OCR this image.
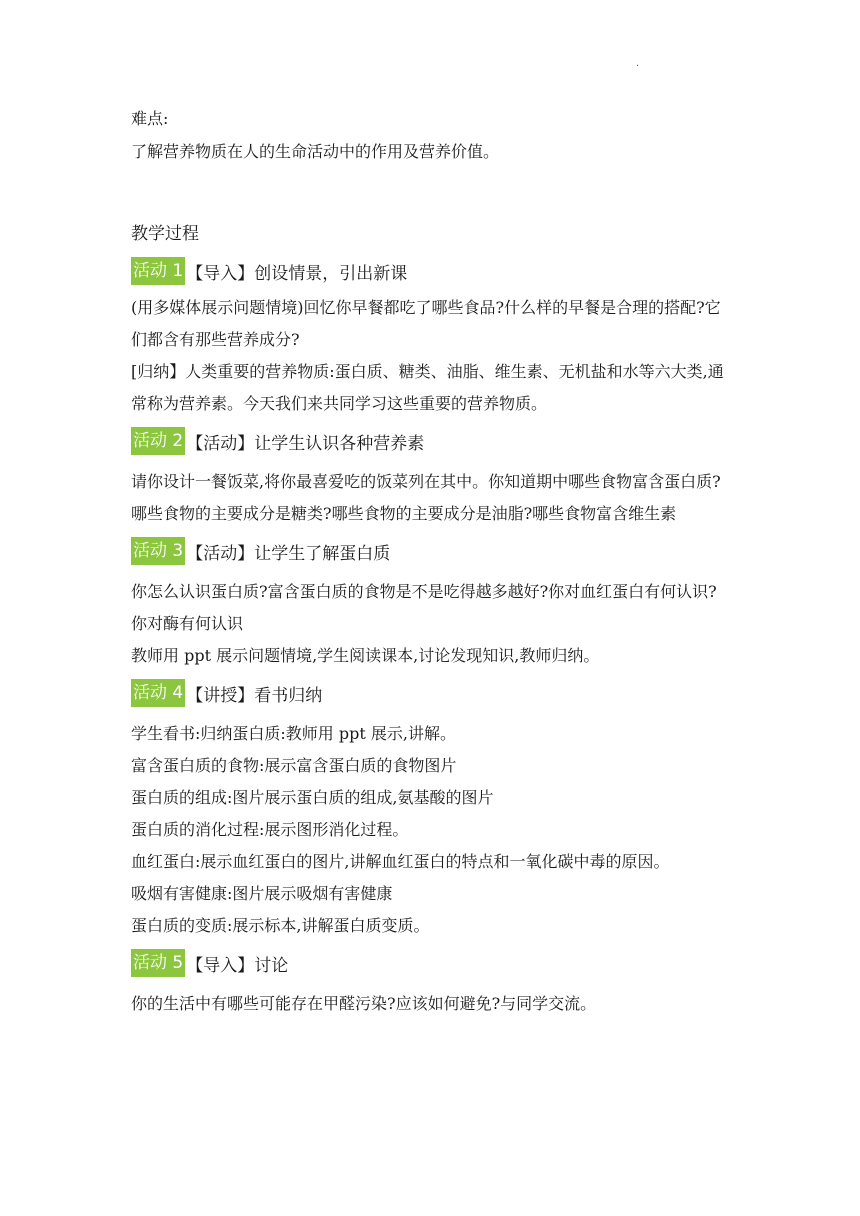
.

难点:

了解营养物质在人的生命活动中的作用及营养价值。

教学过程

活动 1 【导入】创设情景，引出新课

(用多媒体展示问题情境)回忆你早餐都吃了哪些食品?什么样的早餐是合理的搭配?它们都含有那些营养成分?

[归纳】人类重要的营养物质:蛋白质、糖类、油脂、维生素、无机盐和水等六大类,通常称为营养素。今天我们来共同学习这些重要的营养物质。

活动 2 【活动】让学生认识各种营养素

请你设计一餐饭菜,将你最喜爱吃的饭菜列在其中。你知道期中哪些食物富含蛋白质?哪些食物的主要成分是糖类?哪些食物的主要成分是油脂?哪些食物富含维生素

活动 3 【活动】让学生了解蛋白质

你怎么认识蛋白质?富含蛋白质的食物是不是吃得越多越好?你对血红蛋白有何认识?你对酶有何认识

教师用 ppt 展示问题情境,学生阅读课本,讨论发现知识,教师归纳。

活动 4 【讲授】看书归纳

学生看书:归纳蛋白质:教师用 ppt 展示,讲解。

富含蛋白质的食物:展示富含蛋白质的食物图片

蛋白质的组成:图片展示蛋白质的组成,氨基酸的图片

蛋白质的消化过程:展示图形消化过程。

血红蛋白:展示血红蛋白的图片,讲解血红蛋白的特点和一氧化碳中毒的原因。

吸烟有害健康:图片展示吸烟有害健康

蛋白质的变质:展示标本,讲解蛋白质变质。

活动 5 【导入】讨论

你的生活中有哪些可能存在甲醛污染?应该如何避免?与同学交流。
